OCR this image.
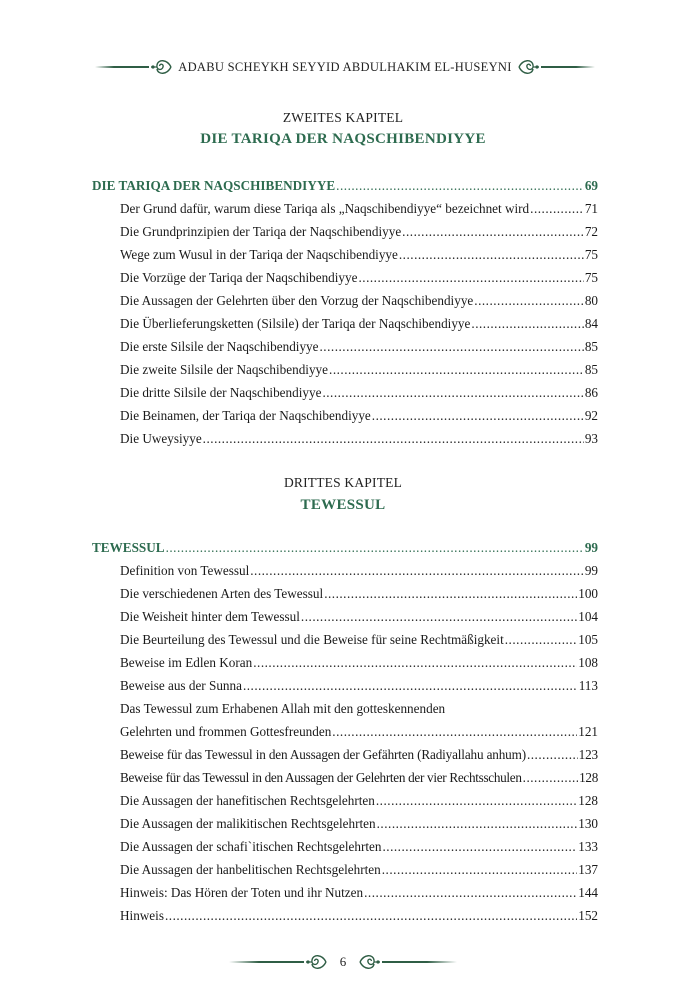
ADABU SCHEYKH SEYYID ABDULHAKIM EL-HUSEYNI
ZWEITES KAPITEL
DIE TARIQA DER NAQSCHIBENDIYYE
DIE TARIQA DER NAQSCHIBENDIYYE .....	69
Der Grund dafür, warum diese Tariqa als „Naqschibendiyye“ bezeichnet wird .....	71
Die Grundprinzipien der Tariqa der Naqschibendiyye .....	72
Wege zum Wusul in der Tariqa der Naqschibendiyye .....	75
Die Vorzüge der Tariqa der Naqschibendiyye .....	75
Die Aussagen der Gelehrten über den Vorzug der Naqschibendiyye .....	80
Die Überlieferungsketten (Silsile) der Tariqa der Naqschibendiyye .....	84
Die erste Silsile der Naqschibendiyye .....	85
Die zweite Silsile der Naqschibendiyye .....	85
Die dritte Silsile der Naqschibendiyye .....	86
Die Beinamen, der Tariqa der Naqschibendiyye .....	92
Die Uweysiyye .....	93
DRITTES KAPITEL
TEWESSUL
TEWESSUL .....	99
Definition von Tewessul .....	99
Die verschiedenen Arten des Tewessul .....	100
Die Weisheit hinter dem Tewessul .....	104
Die Beurteilung des Tewessul und die Beweise für seine Rechtmäßigkeit .....	105
Beweise im Edlen Koran .....	108
Beweise aus der Sunna .....	113
Das Tewessul zum Erhabenen Allah mit den gotteskennenden
Gelehrten und frommen Gottesfreunden .....	121
Beweise für das Tewessul in den Aussagen der Gefährten (Radiyallahu anhum) .....	123
Beweise für das Tewessul in den Aussagen der Gelehrten der vier Rechtsschulen .....	128
Die Aussagen der hanefitischen Rechtsgelehrten .....	128
Die Aussagen der malikitischen Rechtsgelehrten .....	130
Die Aussagen der schafi`itischen Rechtsgelehrten .....	133
Die Aussagen der hanbelitischen Rechtsgelehrten .....	137
Hinweis: Das Hören der Toten und ihr Nutzen .....	144
Hinweis .....	152
6
